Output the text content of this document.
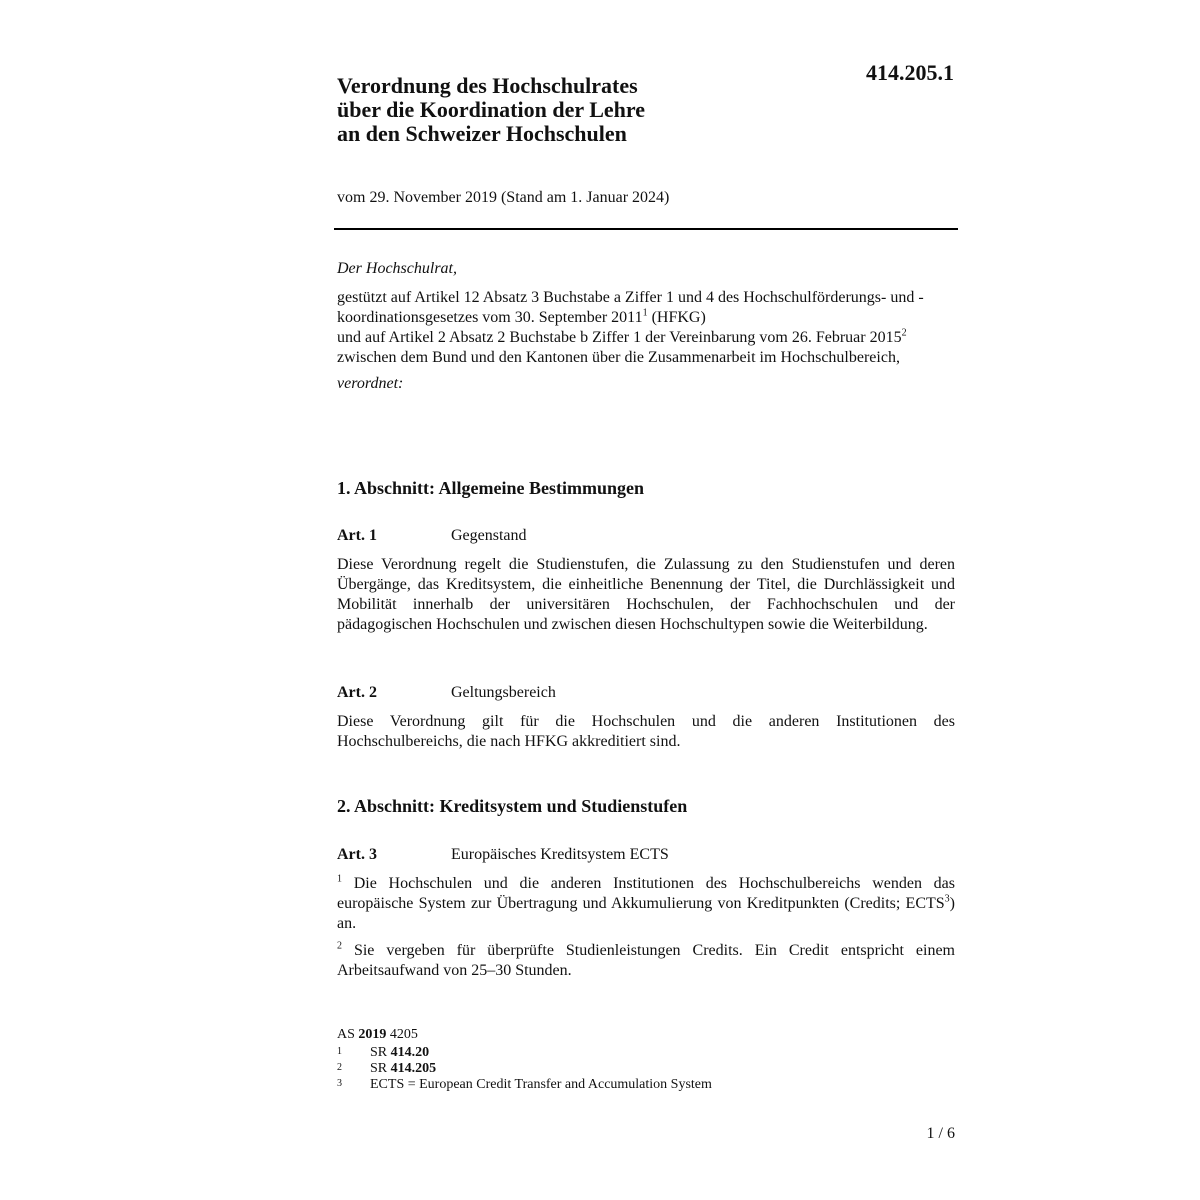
414.205.1
Verordnung des Hochschulrates
über die Koordination der Lehre
an den Schweizer Hochschulen
vom 29. November 2019 (Stand am 1. Januar 2024)
Der Hochschulrat,

gestützt auf Artikel 12 Absatz 3 Buchstabe a Ziffer 1 und 4 des Hochschulförderungs- und -koordinationsgesetzes vom 30. September 2011$^1$ (HFKG)

und auf Artikel 2 Absatz 2 Buchstabe b Ziffer 1 der Vereinbarung vom 26. Februar 2015$^2$ zwischen dem Bund und den Kantonen über die Zusammenarbeit im Hochschulbereich,

verordnet:
1. Abschnitt: Allgemeine Bestimmungen
Art. 1	Gegenstand

Diese Verordnung regelt die Studienstufen, die Zulassung zu den Studienstufen und deren Übergänge, das Kreditsystem, die einheitliche Benennung der Titel, die Durchlässigkeit und Mobilität innerhalb der universitären Hochschulen, der Fachhochschulen und der pädagogischen Hochschulen und zwischen diesen Hochschultypen sowie die Weiterbildung.

Art. 2	Geltungsbereich

Diese Verordnung gilt für die Hochschulen und die anderen Institutionen des Hochschulbereichs, die nach HFKG akkreditiert sind.

2. Abschnitt: Kreditsystem und Studienstufen
Art. 3	Europäisches Kreditsystem ECTS

$^1$ Die Hochschulen und die anderen Institutionen des Hochschulbereichs wenden das europäische System zur Übertragung und Akkumulierung von Kreditpunkten (Credits; ECTS$^3$) an.

$^2$ Sie vergeben für überprüfte Studienleistungen Credits. Ein Credit entspricht einem Arbeitsaufwand von 25–30 Stunden.

AS 2019 4205
1	SR 414.20
2	SR 414.205
3	ECTS = European Credit Transfer and Accumulation System
1 / 6
